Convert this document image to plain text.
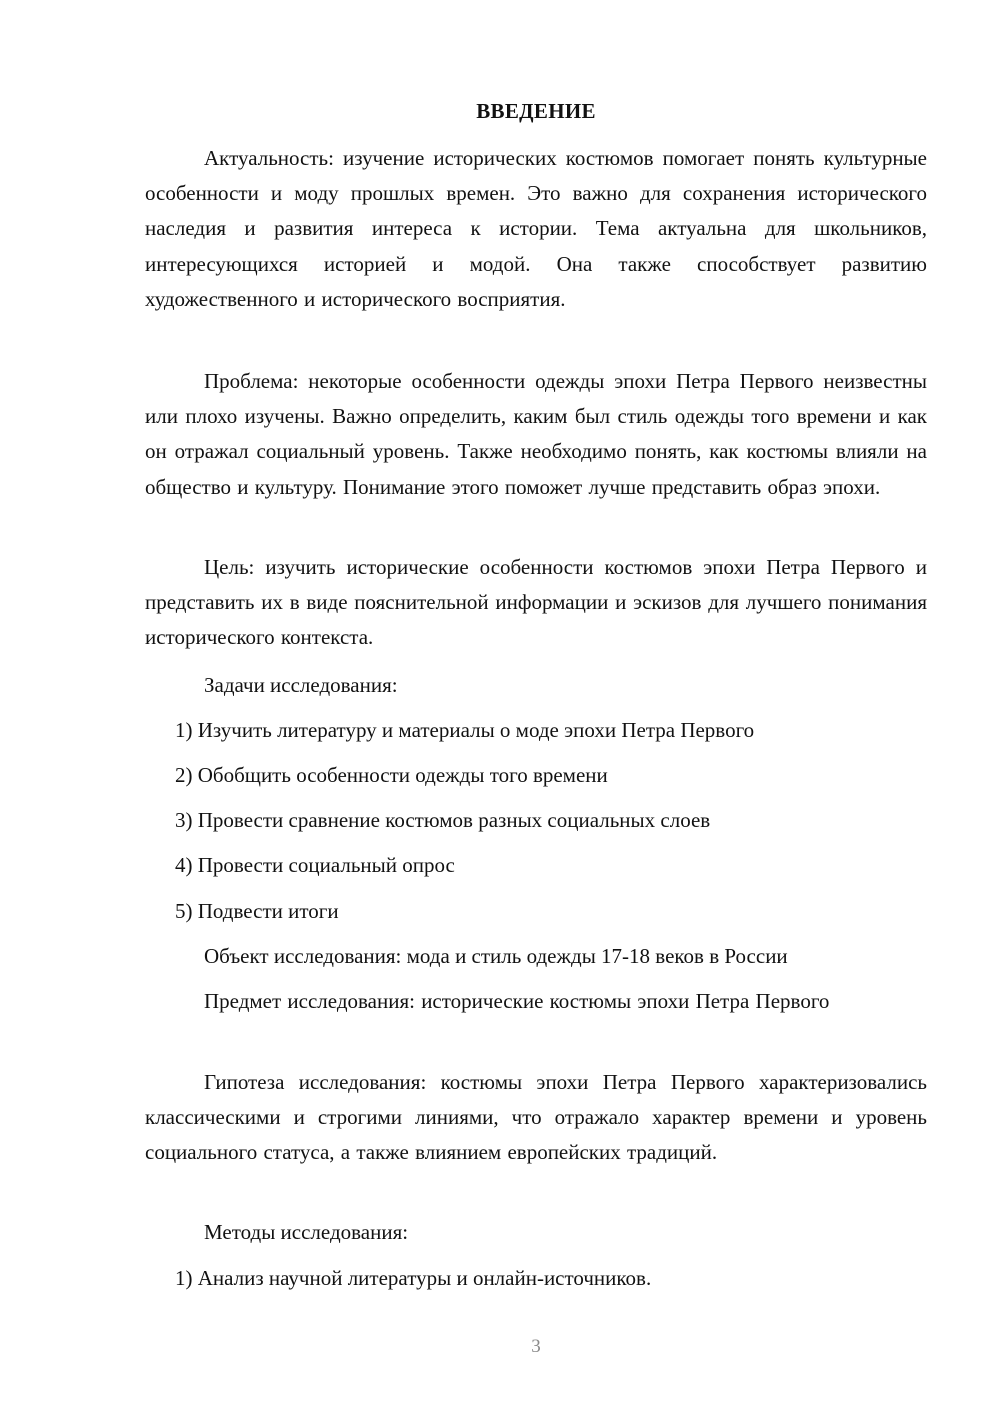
ВВЕДЕНИЕ

Актуальность: изучение исторических костюмов помогает понять культурные особенности и моду прошлых времен. Это важно для сохранения исторического наследия и развития интереса к истории. Тема актуальна для школьников, интересующихся историей и модой. Она также способствует развитию художественного и исторического восприятия.

Проблема: некоторые особенности одежды эпохи Петра Первого неизвестны или плохо изучены. Важно определить, каким был стиль одежды того времени и как он отражал социальный уровень. Также необходимо понять, как костюмы влияли на общество и культуру. Понимание этого поможет лучше представить образ эпохи.

Цель: изучить исторические особенности костюмов эпохи Петра Первого и представить их в виде пояснительной информации и эскизов для лучшего понимания исторического контекста.

Задачи исследования:
1) Изучить литературу и материалы о моде эпохи Петра Первого
2) Обобщить особенности одежды того времени
3) Провести сравнение костюмов разных социальных слоев
4) Провести социальный опрос
5) Подвести итоги
Объект исследования: мода и стиль одежды 17-18 веков в России

Предмет исследования: исторические костюмы эпохи Петра Первого

Гипотеза исследования: костюмы эпохи Петра Первого характеризовались классическими и строгими линиями, что отражало характер времени и уровень социального статуса, а также влиянием европейских традиций.

Методы исследования:
1) Анализ научной литературы и онлайн-источников.
3
